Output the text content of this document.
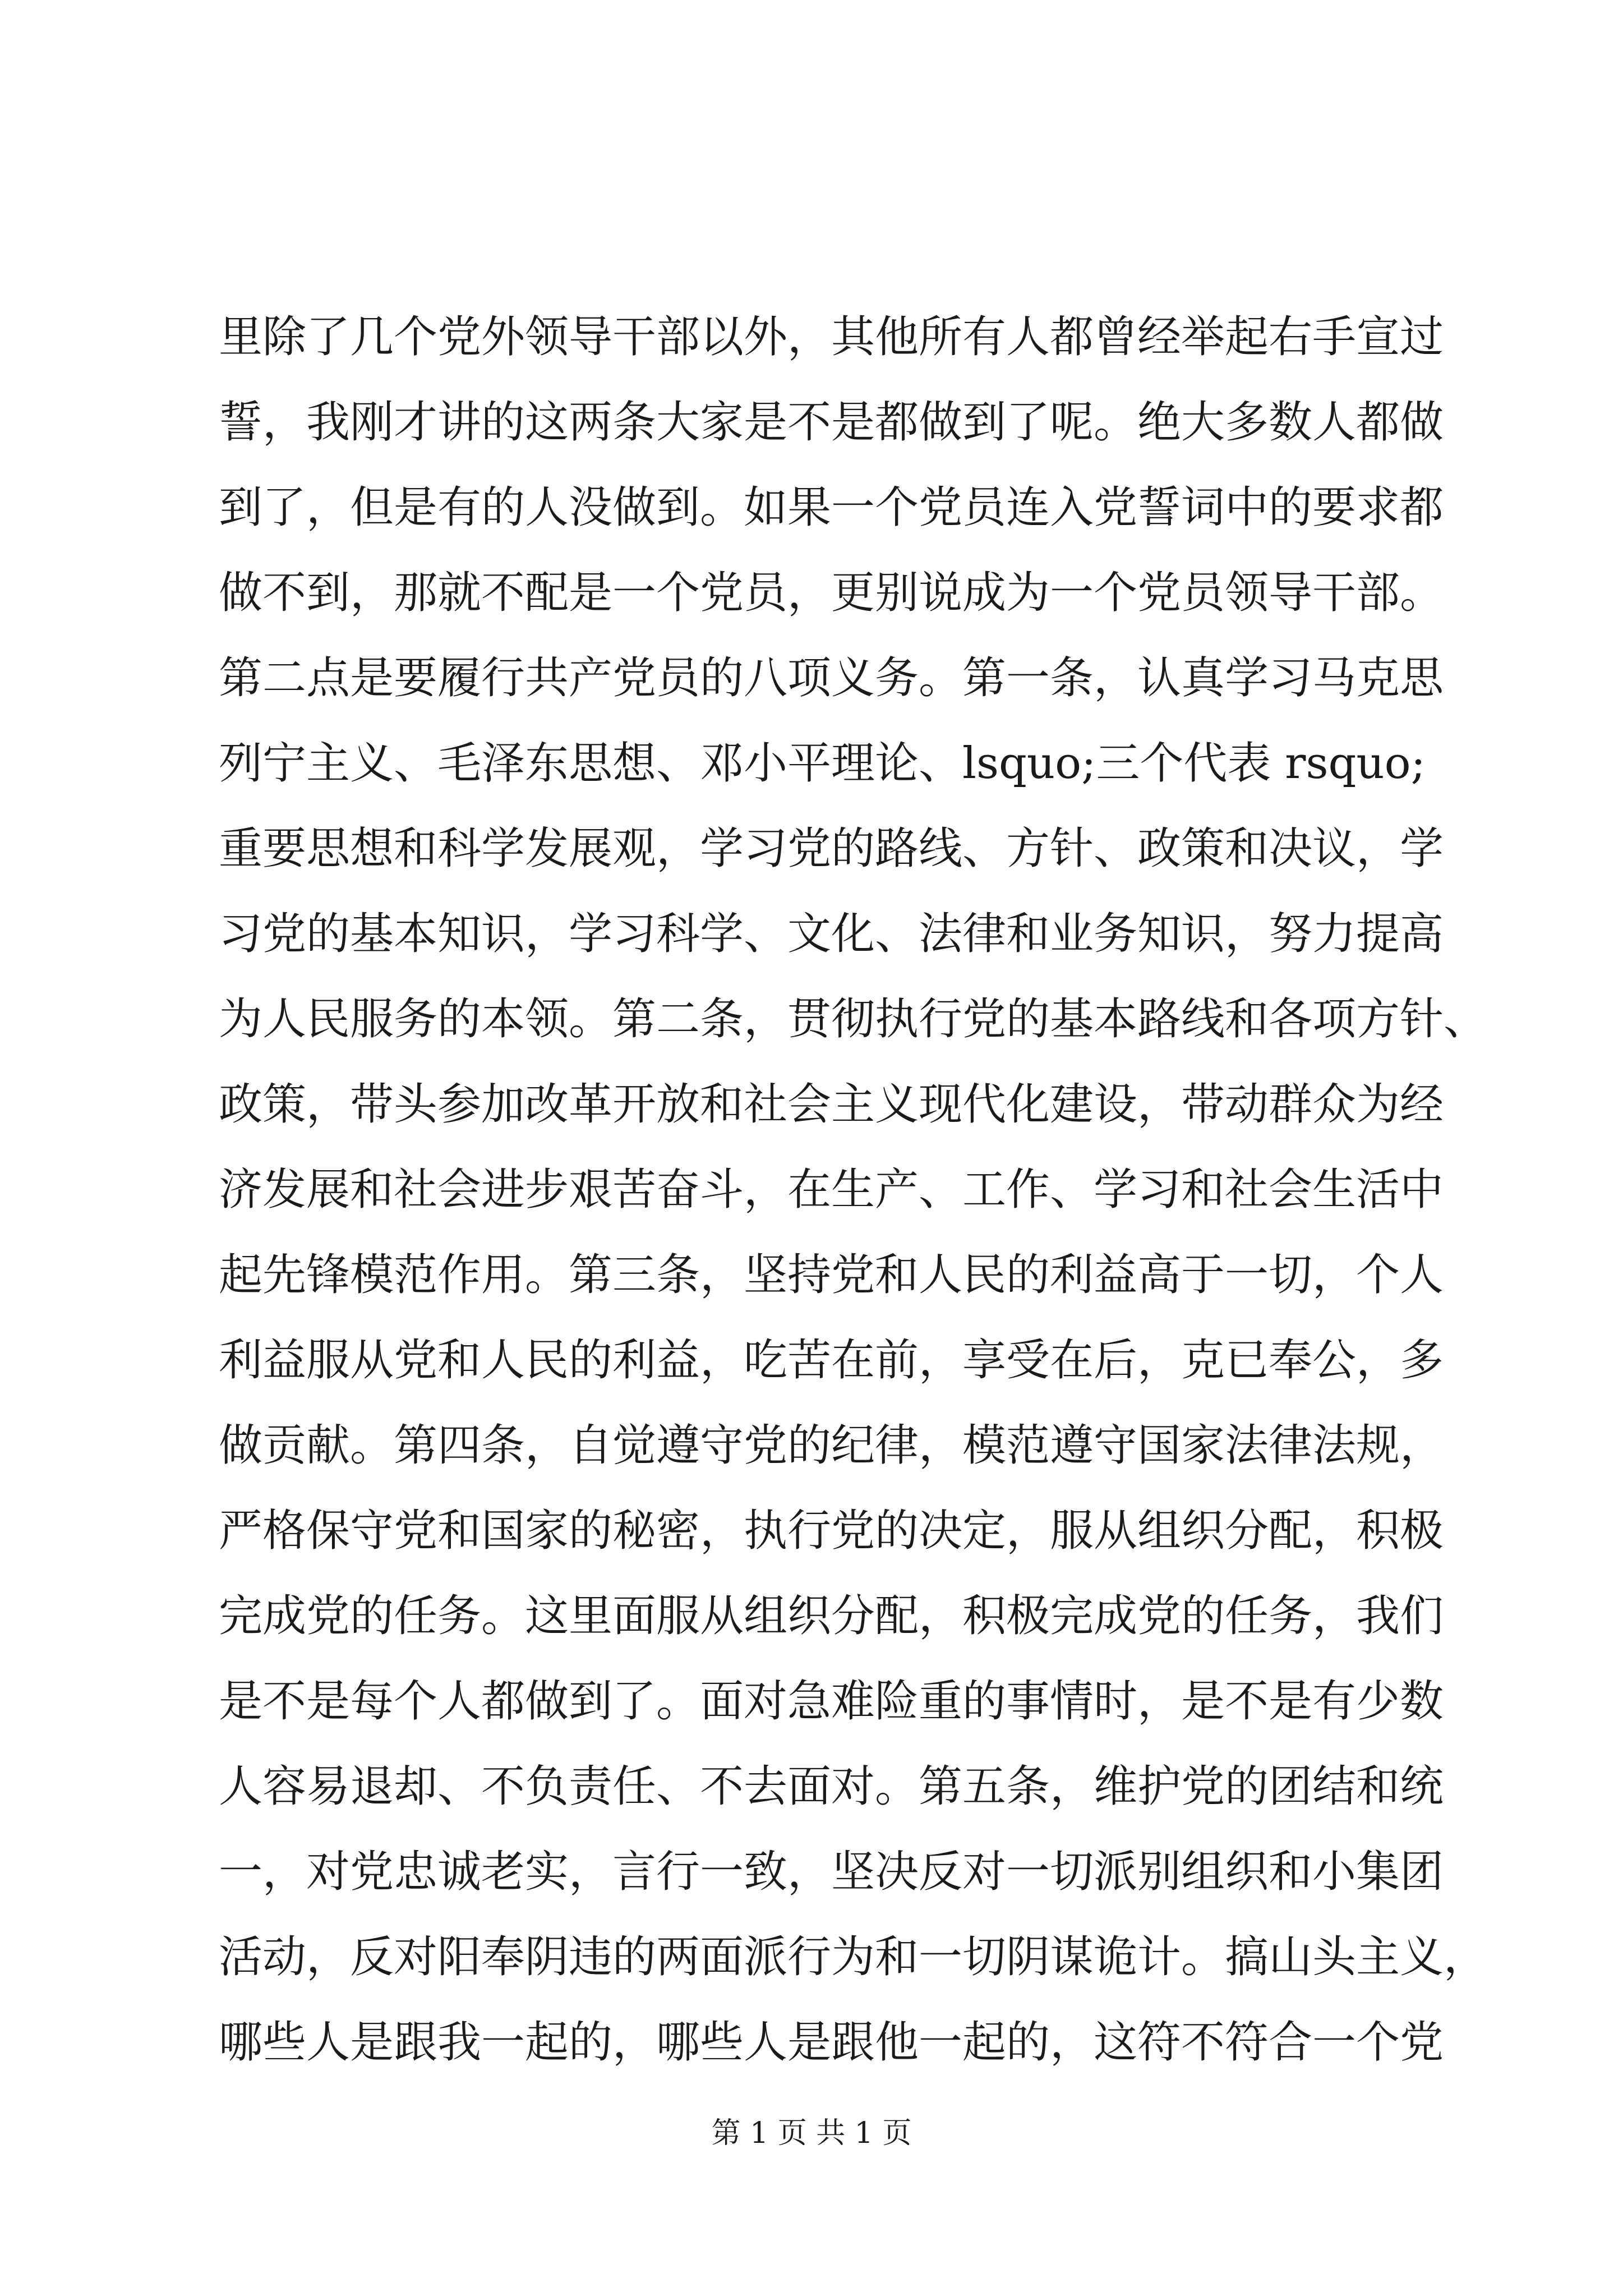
里除了几个党外领导干部以外，其他所有人都曾经举起右手宣过
誓，我刚才讲的这两条大家是不是都做到了呢。绝大多数人都做
到了，但是有的人没做到。如果一个党员连入党誓词中的要求都
做不到，那就不配是一个党员，更别说成为一个党员领导干部。
第二点是要履行共产党员的八项义务。第一条，认真学习马克思
列宁主义、毛泽东思想、邓小平理论、lsquo;三个代表 rsquo;
重要思想和科学发展观，学习党的路线、方针、政策和决议，学
习党的基本知识，学习科学、文化、法律和业务知识，努力提高
为人民服务的本领。第二条，贯彻执行党的基本路线和各项方针、
政策，带头参加改革开放和社会主义现代化建设，带动群众为经
济发展和社会进步艰苦奋斗，在生产、工作、学习和社会生活中
起先锋模范作用。第三条，坚持党和人民的利益高于一切，个人
利益服从党和人民的利益，吃苦在前，享受在后，克已奉公，多
做贡献。第四条，自觉遵守党的纪律，模范遵守国家法律法规，
严格保守党和国家的秘密，执行党的决定，服从组织分配，积极
完成党的任务。这里面服从组织分配，积极完成党的任务，我们
是不是每个人都做到了。面对急难险重的事情时，是不是有少数
人容易退却、不负责任、不去面对。第五条，维护党的团结和统
一，对党忠诚老实，言行一致，坚决反对一切派别组织和小集团
活动，反对阳奉阴违的两面派行为和一切阴谋诡计。搞山头主义，
哪些人是跟我一起的，哪些人是跟他一起的，这符不符合一个党
第 1 页 共 1 页
